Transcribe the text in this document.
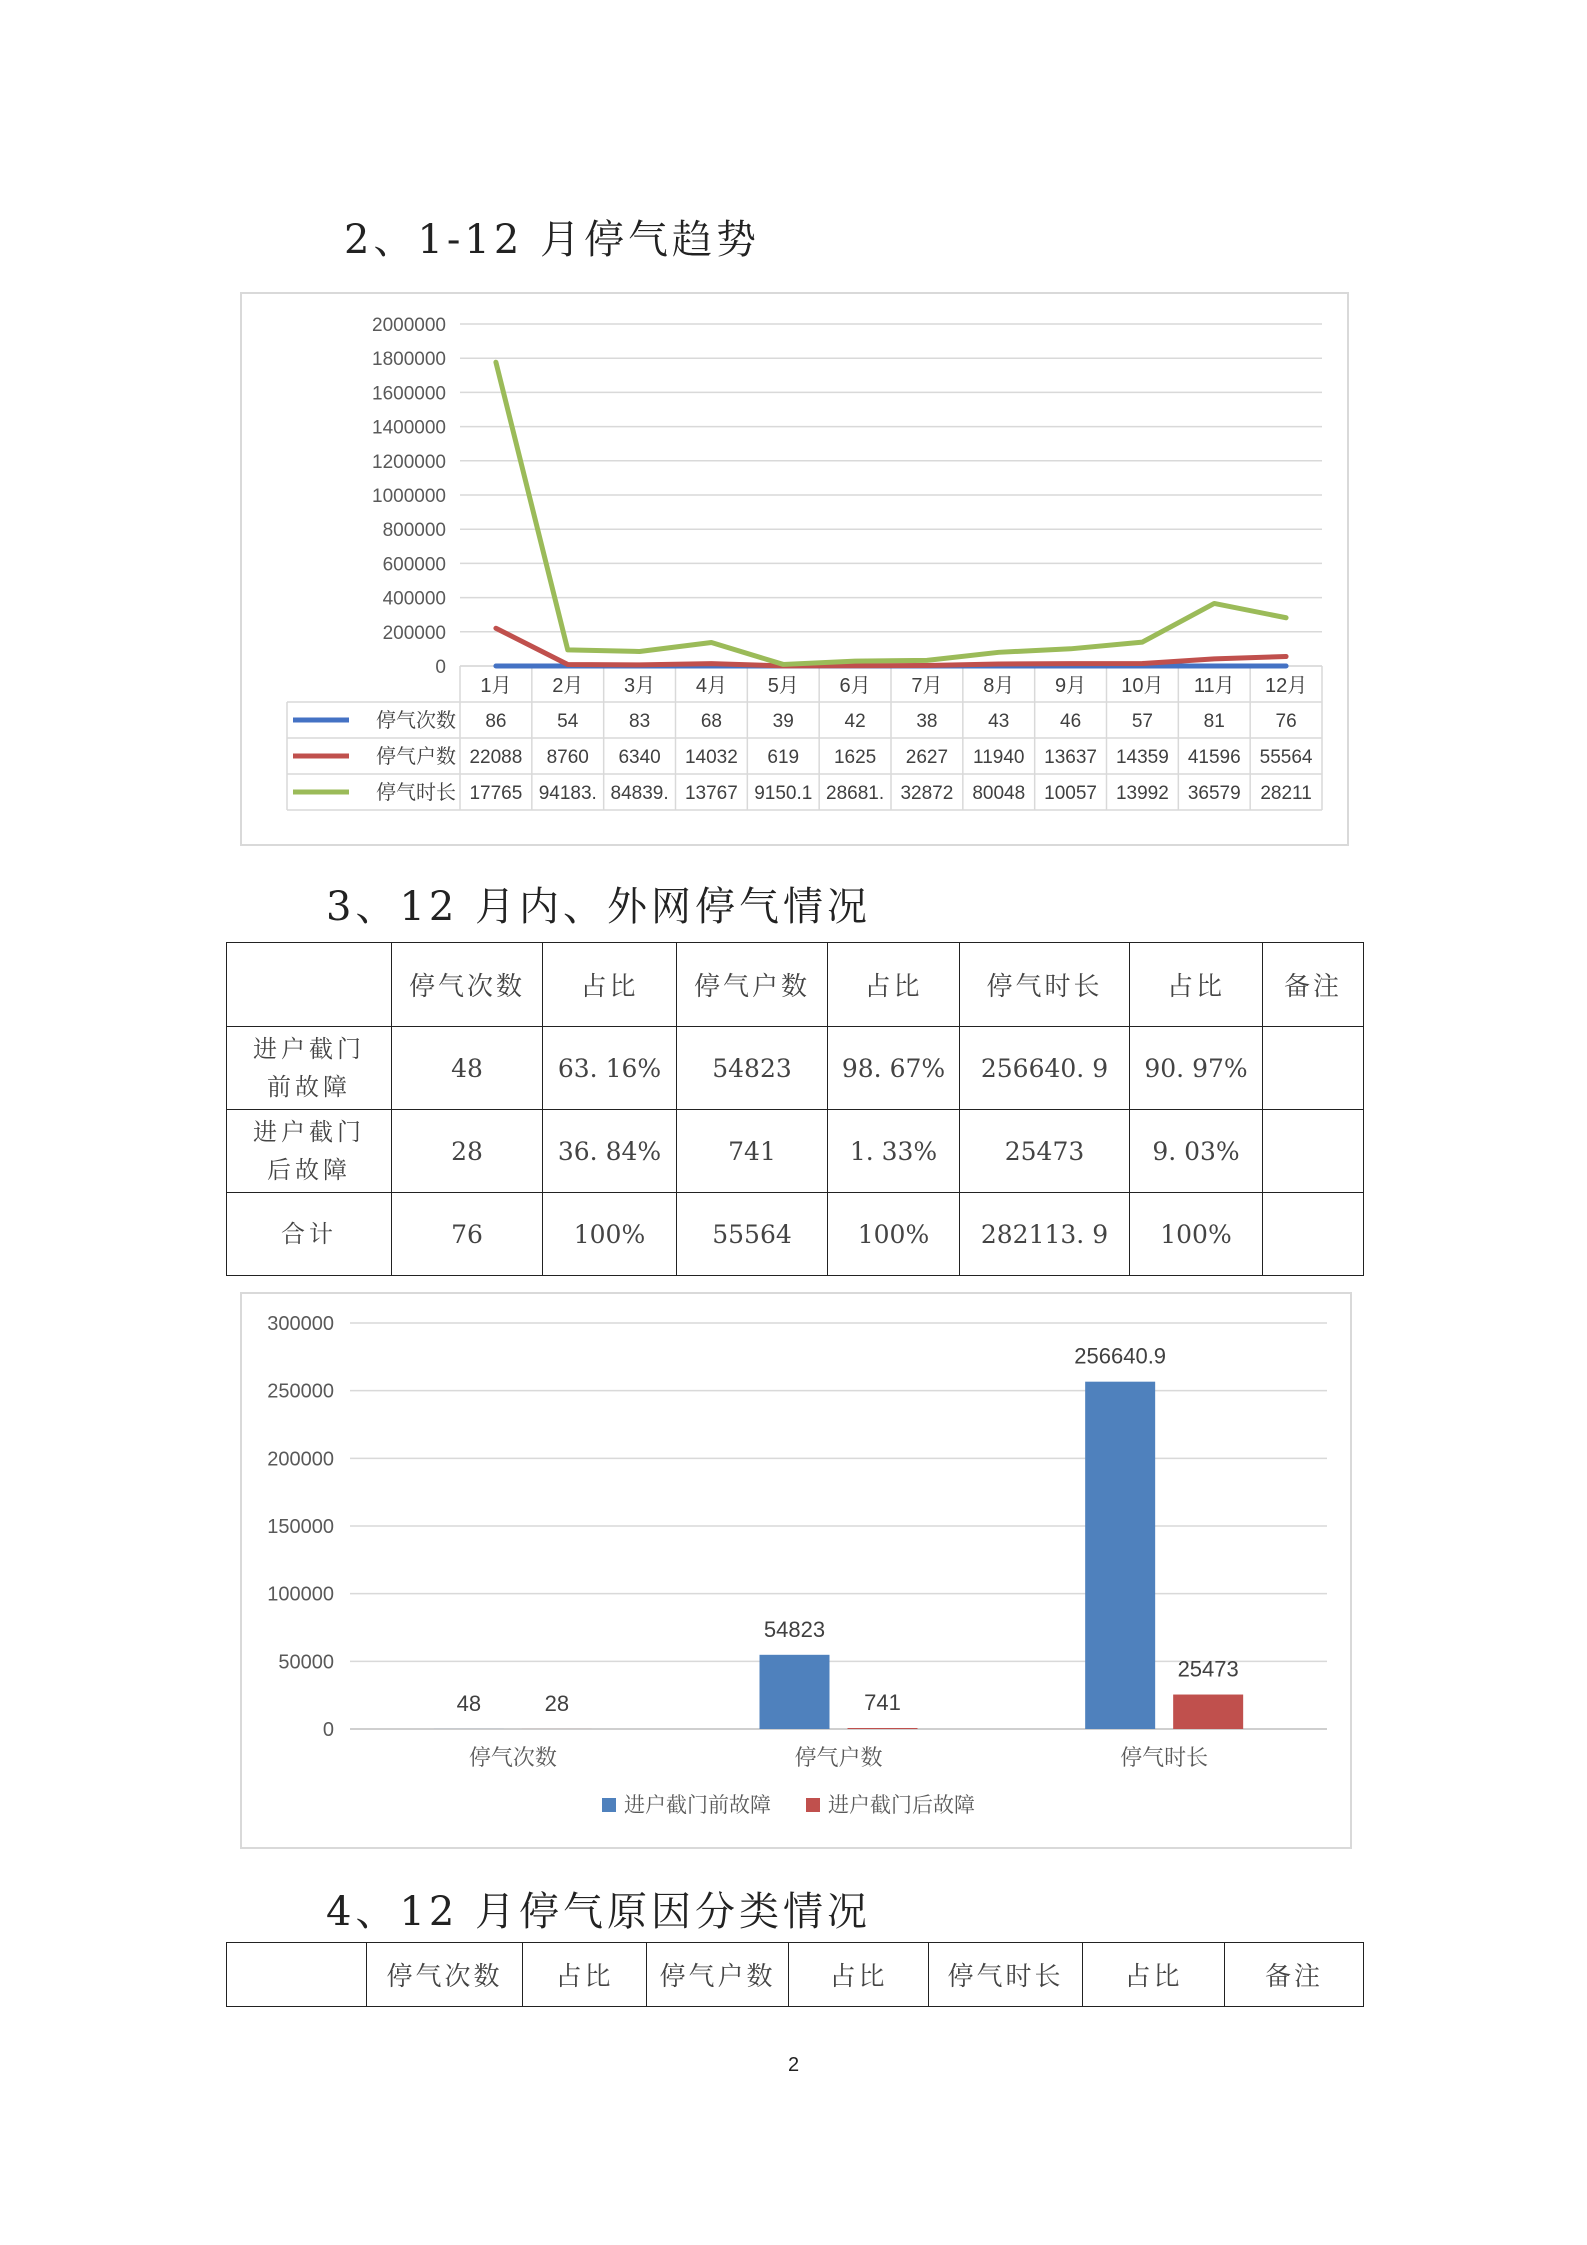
2、1-12 月停气趋势
0
200000
400000
600000
800000
1000000
1200000
1400000
1600000
1800000
2000000
1月 2月 3月 4月 5月 6月 7月 8月 9月 10月 11月 12月
停气次数 86	54	83	68	39	42	38	43	46	57	81	76
停气户数 22088 8760 6340 14032 619 1625 2627 11940 13637 14359 41596 55564
停气时长 17765 94183. 84839. 13767 9150.1 28681. 32872 80048 10057 13992 36579 28211
3、12 月内、外网停气情况
	停气次数	占比	停气户数	占比	停气时长	占比	备注
进户截门
前故障	48	63. 16%	54823	98. 67%	256640. 9	90. 97%	
进户截门
后故障	28	36. 84%	741	1. 33%	25473	9. 03%	
合计	76	100%	55564	100%	282113. 9	100%	
0
50000
100000
150000
200000
250000
300000
48	28
停气次数
54823
741
停气户数
256640.9
25473
停气时长
进户截门前故障	进户截门后故障
4、12 月停气原因分类情况
	停气次数	占比	停气户数	占比	停气时长	占比	备注
2
